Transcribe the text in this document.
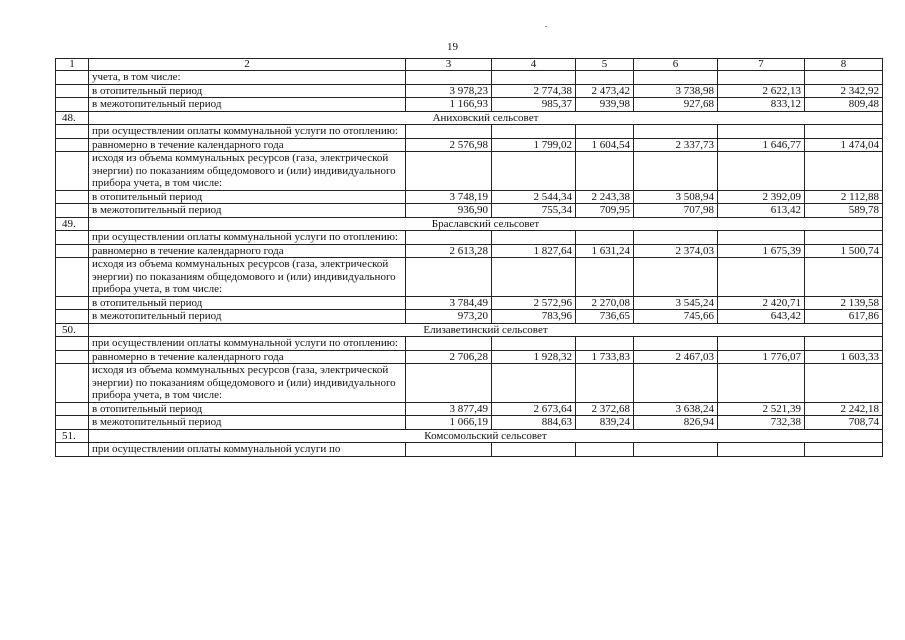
19
1	2	3	4	5	6	7	8
	учета, в том числе:						
	в отопительный период	3 978,23	2 774,38	2 473,42	3 738,98	2 622,13	2 342,92
	в межотопительный период	1 166,93	985,37	939,98	927,68	833,12	809,48
48.	Аниховский сельсовет						
	при осуществлении оплаты коммунальной услуги по отоплению:						
	равномерно в течение календарного года	2 576,98	1 799,02	1 604,54	2 337,73	1 646,77	1 474,04
	исходя из объема коммунальных ресурсов (газа, электрической энергии) по показаниям общедомового и (или) индивидуального прибора учета, в том числе:						
	в отопительный период	3 748,19	2 544,34	2 243,38	3 508,94	2 392,09	2 112,88
	в межотопительный период	936,90	755,34	709,95	707,98	613,42	589,78
49.	Браславский сельсовет						
	при осуществлении оплаты коммунальной услуги по отоплению:						
	равномерно в течение календарного года	2 613,28	1 827,64	1 631,24	2 374,03	1 675,39	1 500,74
	исходя из объема коммунальных ресурсов (газа, электрической энергии) по показаниям общедомового и (или) индивидуального прибора учета, в том числе:						
	в отопительный период	3 784,49	2 572,96	2 270,08	3 545,24	2 420,71	2 139,58
	в межотопительный период	973,20	783,96	736,65	745,66	643,42	617,86
50.	Елизаветинский сельсовет						
	при осуществлении оплаты коммунальной услуги по отоплению:						
	равномерно в течение календарного года	2 706,28	1 928,32	1 733,83	2 467,03	1 776,07	1 603,33
	исходя из объема коммунальных ресурсов (газа, электрической энергии) по показаниям общедомового и (или) индивидуального прибора учета, в том числе:						
	в отопительный период	3 877,49	2 673,64	2 372,68	3 638,24	2 521,39	2 242,18
	в межотопительный период	1 066,19	884,63	839,24	826,94	732,38	708,74
51.	Комсомольский сельсовет						
	при осуществлении оплаты коммунальной услуги по						
